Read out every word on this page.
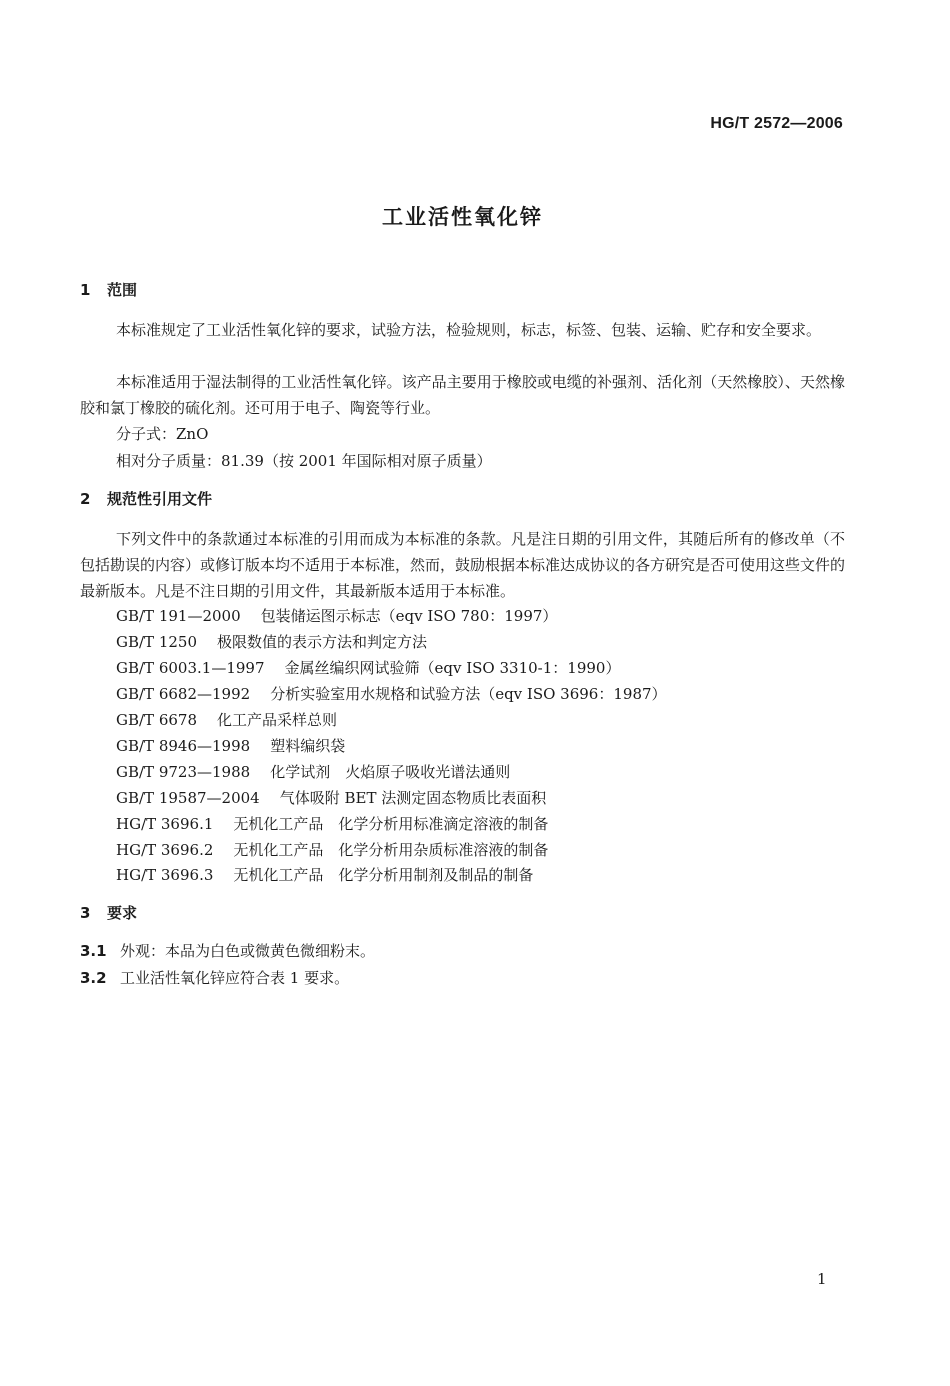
HG/T 2572—2006
工业活性氧化锌
1 范围
本标准规定了工业活性氧化锌的要求，试验方法，检验规则，标志，标签、包装、运输、贮存和安全要求。
本标准适用于湿法制得的工业活性氧化锌。该产品主要用于橡胶或电缆的补强剂、活化剂（天然橡胶）、天然橡胶和氯丁橡胶的硫化剂。还可用于电子、陶瓷等行业。
分子式：ZnO
相对分子质量：81.39（按 2001 年国际相对原子质量）
2 规范性引用文件
下列文件中的条款通过本标准的引用而成为本标准的条款。凡是注日期的引用文件，其随后所有的修改单（不包括勘误的内容）或修订版本均不适用于本标准，然而，鼓励根据本标准达成协议的各方研究是否可使用这些文件的最新版本。凡是不注日期的引用文件，其最新版本适用于本标准。
GB/T 191—2000 包装储运图示标志（eqv ISO 780：1997）
GB/T 1250 极限数值的表示方法和判定方法
GB/T 6003.1—1997 金属丝编织网试验筛（eqv ISO 3310-1：1990）
GB/T 6682—1992 分析实验室用水规格和试验方法（eqv ISO 3696：1987）
GB/T 6678 化工产品采样总则
GB/T 8946—1998 塑料编织袋
GB/T 9723—1988 化学试剂　火焰原子吸收光谱法通则
GB/T 19587—2004 气体吸附 BET 法测定固态物质比表面积
HG/T 3696.1 无机化工产品　化学分析用标准滴定溶液的制备
HG/T 3696.2 无机化工产品　化学分析用杂质标准溶液的制备
HG/T 3696.3 无机化工产品　化学分析用制剂及制品的制备
3 要求
3.1 外观：本品为白色或微黄色微细粉末。
3.2 工业活性氧化锌应符合表 1 要求。
1
